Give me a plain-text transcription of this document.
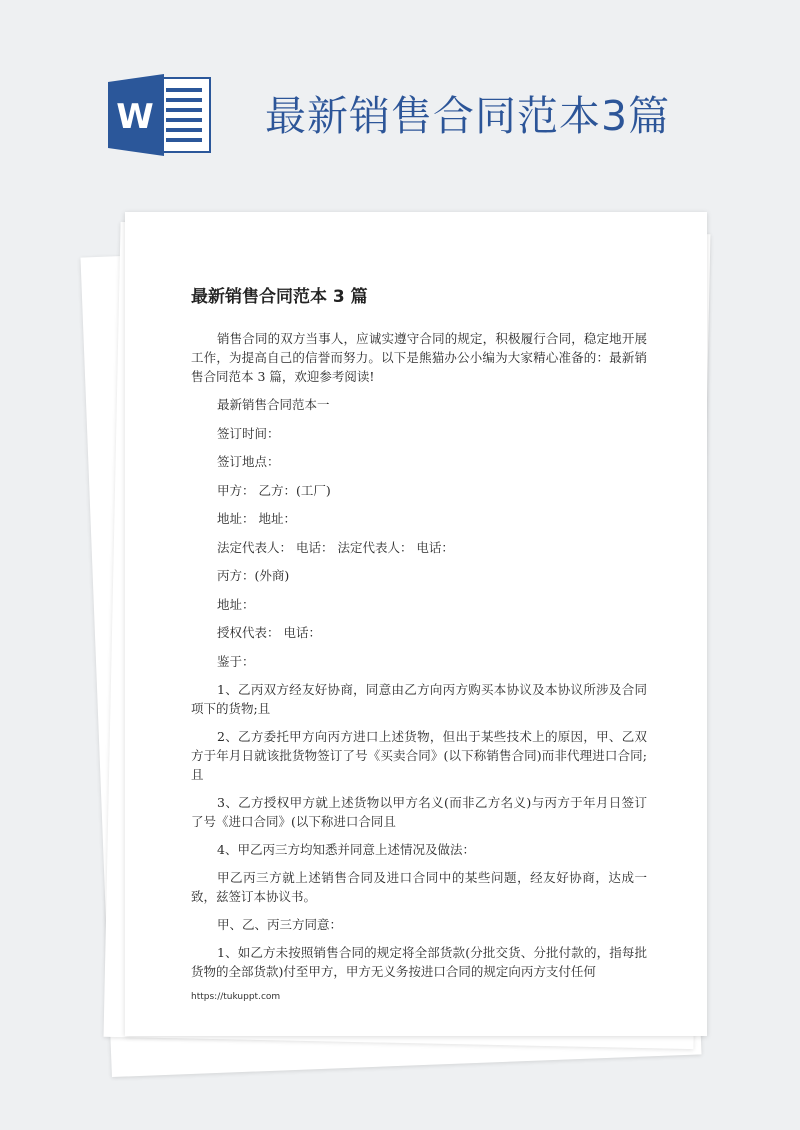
W	最新销售合同范本3篇
最新销售合同范本 3 篇

销售合同的双方当事人，应诚实遵守合同的规定，积极履行合同，稳定地开展工作，为提高自己的信誉而努力。以下是熊猫办公小编为大家精心准备的：最新销售合同范本 3 篇，欢迎参考阅读!

最新销售合同范本一

签订时间：

签订地点：

甲方： 乙方：(工厂)

地址： 地址：

法定代表人： 电话： 法定代表人： 电话：

丙方：(外商)

地址：

授权代表： 电话：

鉴于：

1、乙丙双方经友好协商，同意由乙方向丙方购买本协议及本协议所涉及合同项下的货物;且

2、乙方委托甲方向丙方进口上述货物，但出于某些技术上的原因，甲、乙双方于年月日就该批货物签订了号《买卖合同》(以下称销售合同)而非代理进口合同;且

3、乙方授权甲方就上述货物以甲方名义(而非乙方名义)与丙方于年月日签订了号《进口合同》(以下称进口合同且

4、甲乙丙三方均知悉并同意上述情况及做法：

甲乙丙三方就上述销售合同及进口合同中的某些问题，经友好协商，达成一致，兹签订本协议书。

甲、乙、丙三方同意：

1、如乙方未按照销售合同的规定将全部货款(分批交货、分批付款的，指每批货物的全部货款)付至甲方，甲方无义务按进口合同的规定向丙方支付任何

https://tukuppt.com
